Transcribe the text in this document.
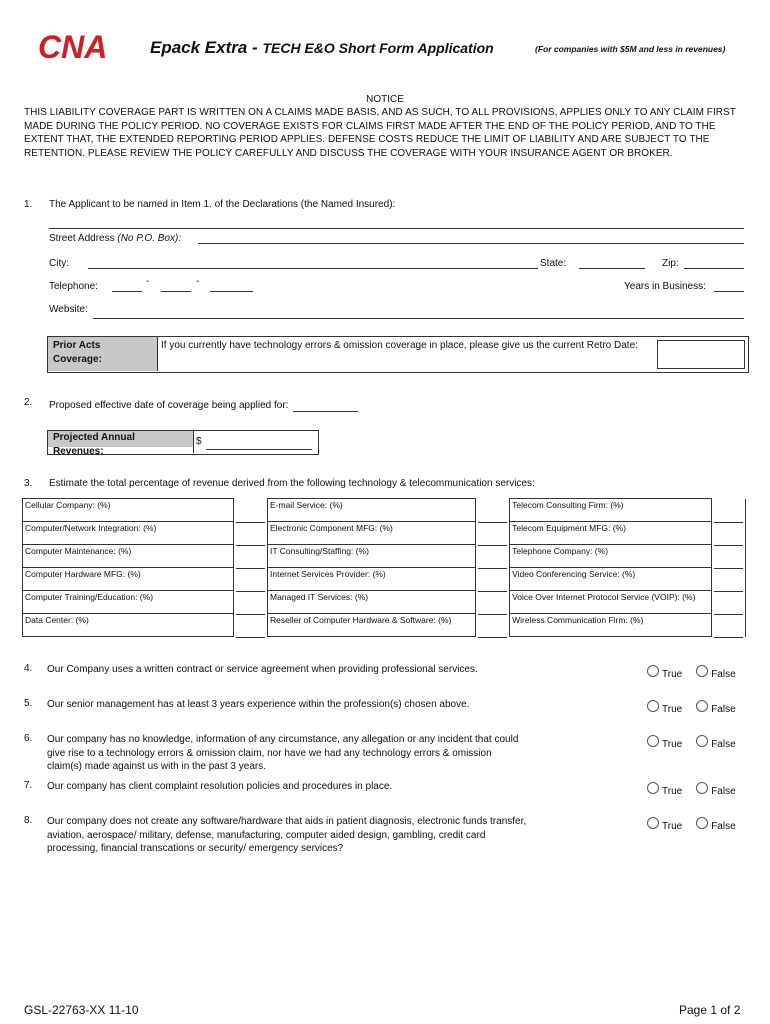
CNA	Epack Extra - TECH E&O Short Form Application	(For companies with $5M and less in revenues)
NOTICE
THIS LIABILITY COVERAGE PART IS WRITTEN ON A CLAIMS MADE BASIS, AND AS SUCH, TO ALL PROVISIONS, APPLIES ONLY TO ANY CLAIM FIRST MADE DURING THE POLICY PERIOD. NO COVERAGE EXISTS FOR CLAIMS FIRST MADE AFTER THE END OF THE POLICY PERIOD, AND TO THE EXTENT THAT, THE EXTENDED REPORTING PERIOD APPLIES. DEFENSE COSTS REDUCE THE LIMIT OF LIABILITY AND ARE SUBJECT TO THE RETENTION. PLEASE REVIEW THE POLICY CAREFULLY AND DISCUSS THE COVERAGE WITH YOUR INSURANCE AGENT OR BROKER.
1. The Applicant to be named in Item 1. of the Declarations (the Named Insured):
Street Address (No P.O. Box):
City:	State:	Zip:
Telephone:	-	-	Years in Business:
Website:
Prior Acts Coverage:
If you currently have technology errors & omission coverage in place, please give us the current Retro Date:
2. Proposed effective date of coverage being applied for:
Projected Annual Revenues:
$
3. Estimate the total percentage of revenue derived from the following technology & telecommunication services:
Cellular Company: (%)		E-mail Service: (%)		Telecom Consulting Firm: (%)	

Computer/Network Integration: (%)		Electronic Component MFG: (%)		Telecom Equipment MFG: (%)	

Computer Maintenance: (%)		IT Consulting/Staffing: (%)		Telephone Company: (%)	

Computer Hardware MFG: (%)		Internet Services Provider: (%)		Video Conferencing Service: (%)	

Computer Training/Education: (%)		Managed IT Services: (%)		Voice Over Internet Protocol Service (VOIP): (%)	

Data Center: (%)		Reseller of Computer Hardware & Software: (%)		Wireless Communication Firm: (%)	
4. Our Company uses a written contract or service agreement when providing professional services.	True	False
5. Our senior management has at least 3 years experience within the profession(s) chosen above.	True	False
6. Our company has no knowledge, information of any circumstance, any allegation or any incident that could give rise to a technology errors & omission claim, nor have we had any technology errors & omission claim(s) made against us with in the past 3 years.
True	False
7. Our company has client complaint resolution policies and procedures in place.	True	False
8. Our company does not create any software/hardware that aids in patient diagnosis, electronic funds transfer, aviation, aerospace/ military, defense, manufacturing, computer aided design, gambling, credit card processing, financial transcations or security/ emergency services?
True	False
GSL-22763-XX 11-10	Page 1 of 2
